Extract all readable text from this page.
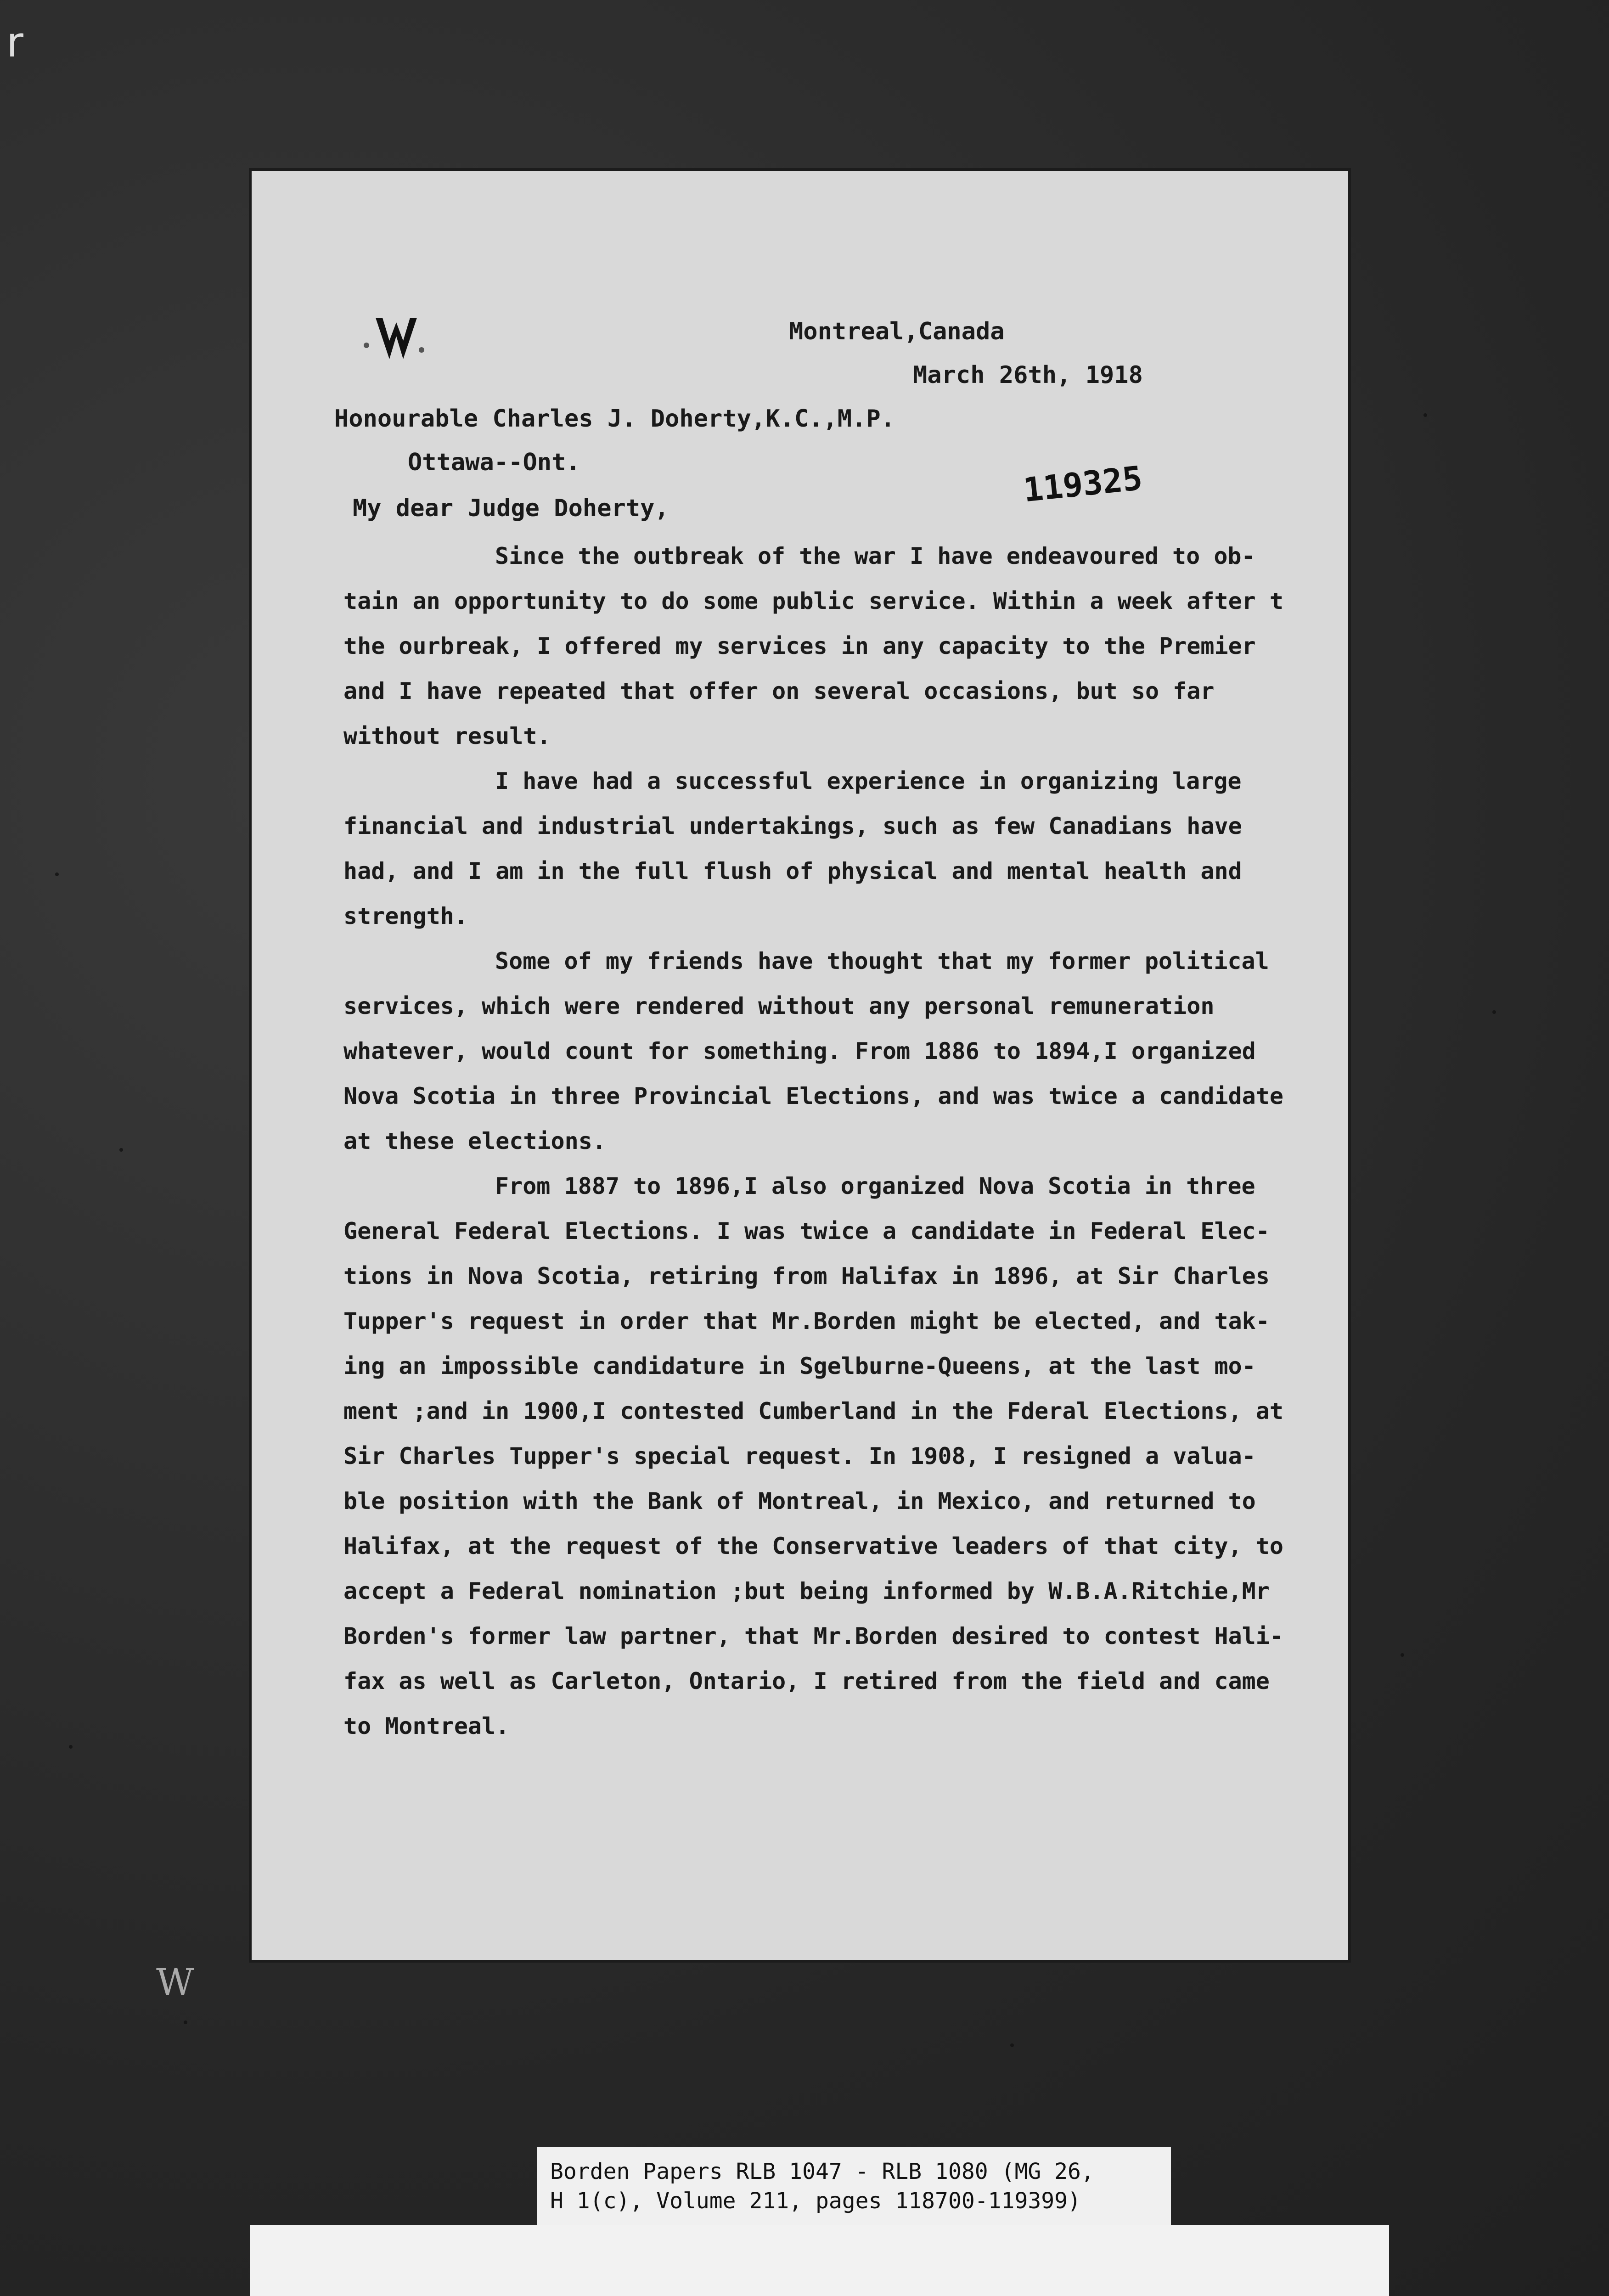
r
Montreal,Canada
March 26th, 1918
Honourable Charles J. Doherty,K.C.,M.P.
Ottawa--Ont.
My dear Judge Doherty,	119325
Since the outbreak of the war I have endeavoured to ob-
tain an opportunity to do some public service. Within a week after t
the ourbreak, I offered my services in any capacity to the Premier
and I have repeated that offer on several occasions, but so far
without result.
I have had a successful experience in organizing large
financial and industrial undertakings, such as few Canadians have
had, and I am in the full flush of physical and mental health and
strength.
Some of my friends have thought that my former political
services, which were rendered without any personal remuneration
whatever, would count for something. From 1886 to 1894,I organized
Nova Scotia in three Provincial Elections, and was twice a candidate
at these elections.
From 1887 to 1896,I also organized Nova Scotia in three
General Federal Elections. I was twice a candidate in Federal Elec-
tions in Nova Scotia, retiring from Halifax in 1896, at Sir Charles
Tupper's request in order that Mr.Borden might be elected, and tak-
ing an impossible candidature in Sgelburne-Queens, at the last mo-
ment ;and in 1900,I contested Cumberland in the Fderal Elections, at
Sir Charles Tupper's special request. In 1908, I resigned a valua-
ble position with the Bank of Montreal, in Mexico, and returned to
Halifax, at the request of the Conservative leaders of that city, to
accept a Federal nomination ;but being informed by W.B.A.Ritchie,Mr
Borden's former law partner, that Mr.Borden desired to contest Hali-
fax as well as Carleton, Ontario, I retired from the field and came
to Montreal.
W
Borden Papers RLB 1047 - RLB 1080 (MG 26,
H 1(c), Volume 211, pages 118700-119399)
